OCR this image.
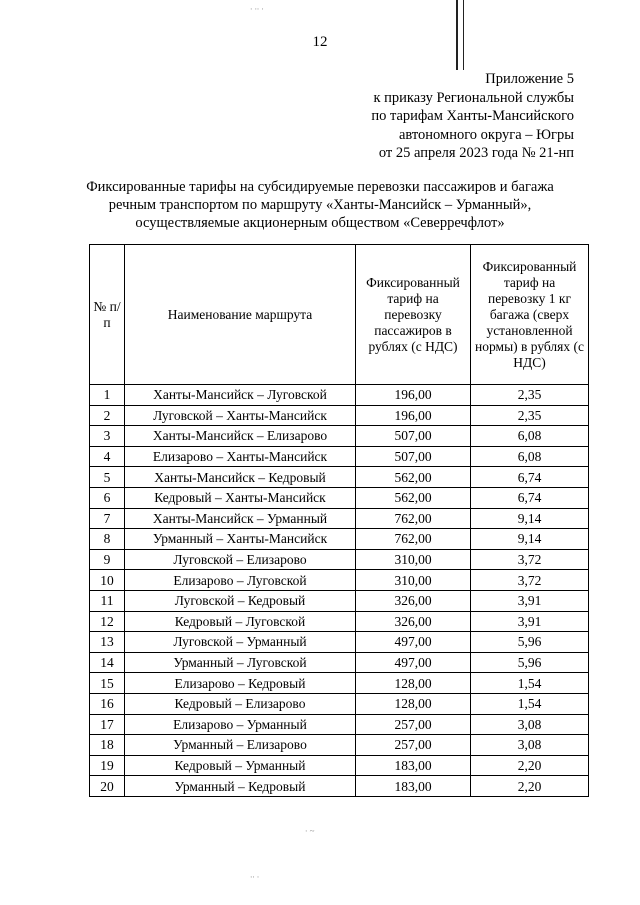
· ·· ·
· ~
·· ·
12
Приложение 5
к приказу Региональной службы
по тарифам Ханты-Мансийского
автономного округа – Югры
от 25 апреля 2023 года № 21-нп
Фиксированные тарифы на субсидируемые перевозки пассажиров и багажа
речным транспортом по маршруту «Ханты-Мансийск – Урманный»,
осуществляемые акционерным обществом «Северречфлот»
№ п/п	Наименование маршрута	Фиксированный тариф на перевозку пассажиров в рублях (с НДС)	Фиксированный тариф на перевозку 1 кг багажа (сверх установленной нормы) в рублях (с НДС)
1	Ханты-Мансийск – Луговской	196,00	2,35
2	Луговской – Ханты-Мансийск	196,00	2,35
3	Ханты-Мансийск – Елизарово	507,00	6,08
4	Елизарово – Ханты-Мансийск	507,00	6,08
5	Ханты-Мансийск – Кедровый	562,00	6,74
6	Кедровый – Ханты-Мансийск	562,00	6,74
7	Ханты-Мансийск – Урманный	762,00	9,14
8	Урманный – Ханты-Мансийск	762,00	9,14
9	Луговской – Елизарово	310,00	3,72
10	Елизарово – Луговской	310,00	3,72
11	Луговской – Кедровый	326,00	3,91
12	Кедровый – Луговской	326,00	3,91
13	Луговской – Урманный	497,00	5,96
14	Урманный – Луговской	497,00	5,96
15	Елизарово – Кедровый	128,00	1,54
16	Кедровый – Елизарово	128,00	1,54
17	Елизарово – Урманный	257,00	3,08
18	Урманный – Елизарово	257,00	3,08
19	Кедровый – Урманный	183,00	2,20
20	Урманный – Кедровый	183,00	2,20
